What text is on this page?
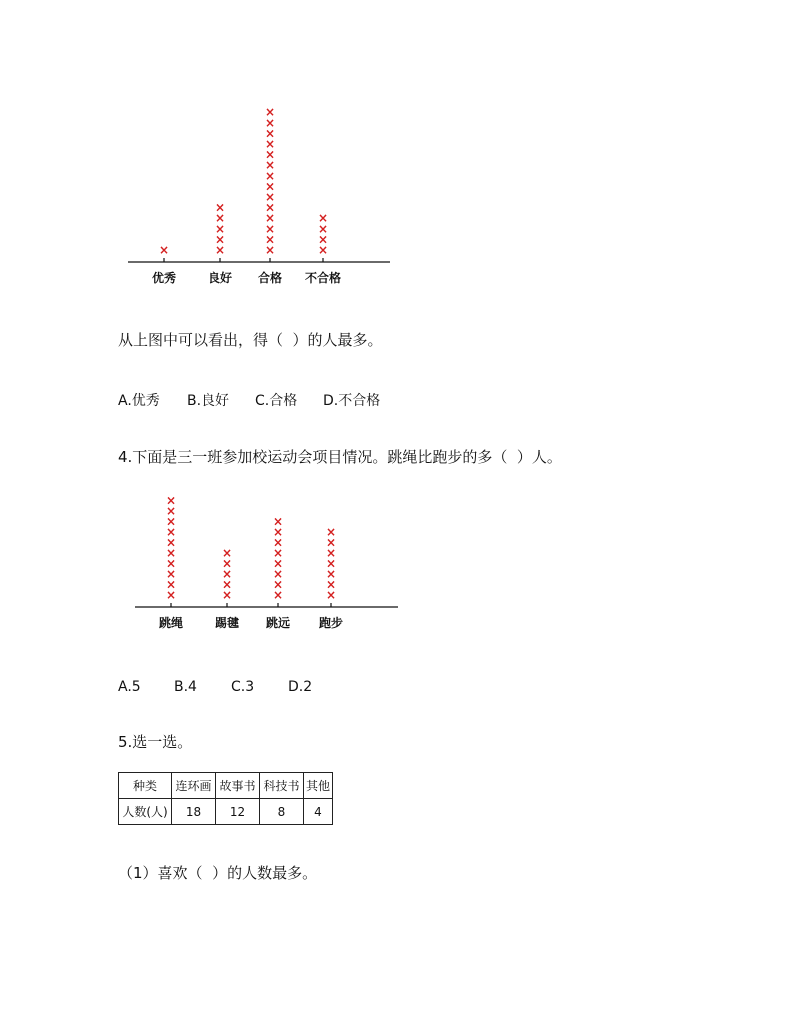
优秀
×
良好
×
×
×
×
×
合格
×
×
×
×
×
×
×
×
×
×
×
×
×
×
不合格
×
×
×
×
从上图中可以看出，得（  ）的人最多。
A.优秀 B.良好 C.合格 D.不合格
4.下面是三一班参加校运动会项目情况。跳绳比跑步的多（  ）人。
跳绳
×
×
×
×
×
×
×
×
×
×
踢毽
×
×
×
×
×
跳远
×
×
×
×
×
×
×
×
跑步
×
×
×
×
×
×
×
A.5 B.4 C.3 D.2
5.选一选。
种类	连环画	故事书	科技书	其他
人数(人)	18	12	8	4
（1）喜欢（  ）的人数最多。
